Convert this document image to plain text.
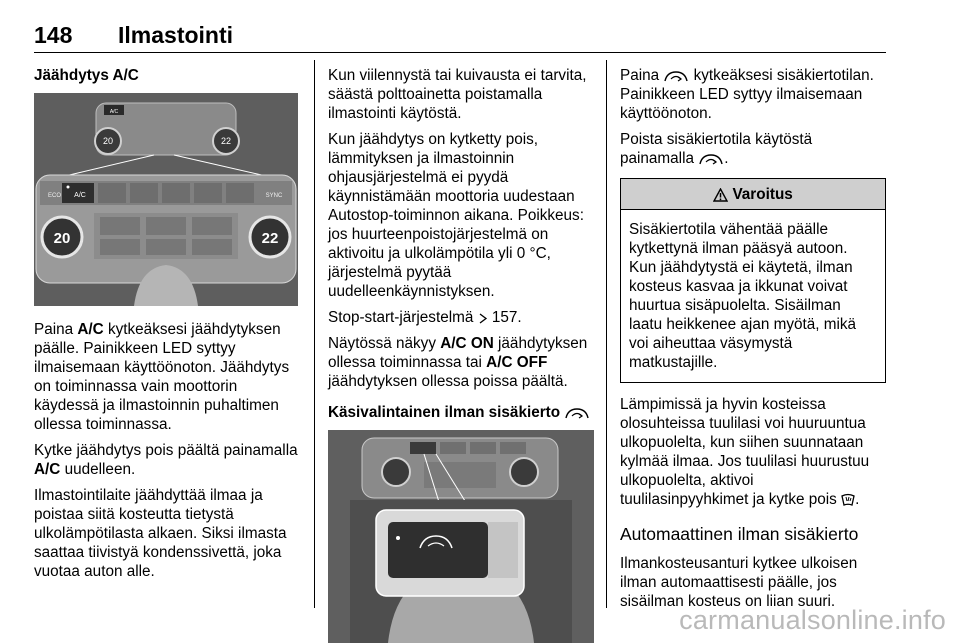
148 Ilmastointi
Jäähdytys A/C
A/C
20	22
ECO A/C	SYNC
20	22

Paina A/C kytkeäksesi jäähdytyksen päälle. Painikkeen LED syttyy ilmaisemaan käyttöönoton. Jäähdytys on toiminnassa vain moottorin käydessä ja ilmastoinnin puhaltimen ollessa toiminnassa.

Kytke jäähdytys pois päältä painamalla A/C uudelleen.

Ilmastointilaite jäähdyttää ilmaa ja poistaa siitä kosteutta tietystä ulkolämpötilasta alkaen. Siksi ilmasta saattaa tiivistyä kondenssivettä, joka vuotaa auton alle.

Kun viilennystä tai kuivausta ei tarvita, säästä polttoainetta poistamalla ilmastointi käytöstä.

Kun jäähdytys on kytketty pois, lämmityksen ja ilmastoinnin ohjausjärjestelmä ei pyydä käynnistämään moottoria uudestaan Autostop-toiminnon aikana. Poikkeus: jos huurteenpoistojärjestelmä on aktivoitu ja ulkolämpötila yli 0 °C, järjestelmä pyytää uudelleenkäynnistyksen.

Stop-start-järjestelmä 157.

Näytössä näkyy A/C ON jäähdytyksen ollessa toiminnassa tai A/C OFF jäähdytyksen ollessa poissa päältä.

Käsivalintainen ilman sisäkierto

Paina kytkeäksesi sisäkiertotilan. Painikkeen LED syttyy ilmaisemaan käyttöönoton.

Poista sisäkiertotila käytöstä painamalla .

Varoitus
Sisäkiertotila vähentää päälle kytkettynä ilman pääsyä autoon. Kun jäähdytystä ei käytetä, ilman kosteus kasvaa ja ikkunat voivat huurtua sisäpuolelta. Sisäilman laatu heikkenee ajan myötä, mikä voi aiheuttaa väsymystä matkustajille.

Lämpimissä ja hyvin kosteissa olosuhteissa tuulilasi voi huuruuntua ulkopuolelta, kun siihen suunnataan kylmää ilmaa. Jos tuulilasi huurustuu ulkopuolelta, aktivoi tuulilasinpyyhkimet ja kytke pois .

Automaattinen ilman sisäkierto

Ilmankosteusanturi kytkee ulkoisen ilman automaattisesti päälle, jos sisäilman kosteus on liian suuri.

carmanualsonline.info
